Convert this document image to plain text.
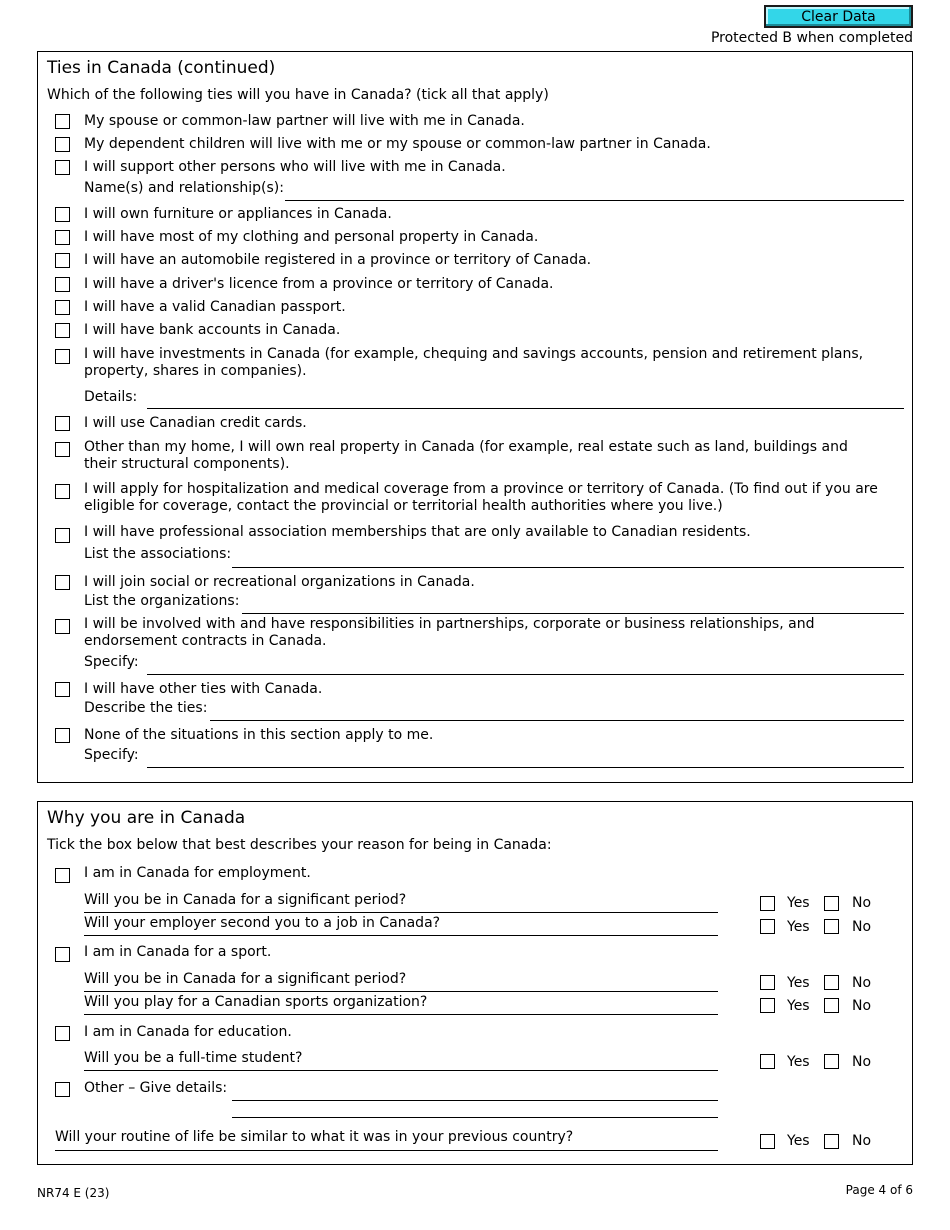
Clear Data
Protected B when completed
Ties in Canada (continued)
Which of the following ties will you have in Canada? (tick all that apply)
My spouse or common-law partner will live with me in Canada.
My dependent children will live with me or my spouse or common-law partner in Canada.
I will support other persons who will live with me in Canada.
Name(s) and relationship(s):
I will own furniture or appliances in Canada.
I will have most of my clothing and personal property in Canada.
I will have an automobile registered in a province or territory of Canada.
I will have a driver's licence from a province or territory of Canada.
I will have a valid Canadian passport.
I will have bank accounts in Canada.
I will have investments in Canada (for example, chequing and savings accounts, pension and retirement plans, property, shares in companies).
Details:
I will use Canadian credit cards.
Other than my home, I will own real property in Canada (for example, real estate such as land, buildings and their structural components).
I will apply for hospitalization and medical coverage from a province or territory of Canada. (To find out if you are eligible for coverage, contact the provincial or territorial health authorities where you live.)
I will have professional association memberships that are only available to Canadian residents.
List the associations:
I will join social or recreational organizations in Canada.
List the organizations:
I will be involved with and have responsibilities in partnerships, corporate or business relationships, and endorsement contracts in Canada.
Specify:
I will have other ties with Canada.
Describe the ties:
None of the situations in this section apply to me.
Specify:
Why you are in Canada
Tick the box below that best describes your reason for being in Canada:
I am in Canada for employment.
Will you be in Canada for a significant period?	Yes	No
Will your employer second you to a job in Canada?	Yes	No
I am in Canada for a sport.
Will you be in Canada for a significant period?	Yes	No
Will you play for a Canadian sports organization?	Yes	No
I am in Canada for education.
Will you be a full-time student?	Yes	No
Other – Give details:
Will your routine of life be similar to what it was in your previous country?	Yes	No
NR74 E (23)	Page 4 of 6
